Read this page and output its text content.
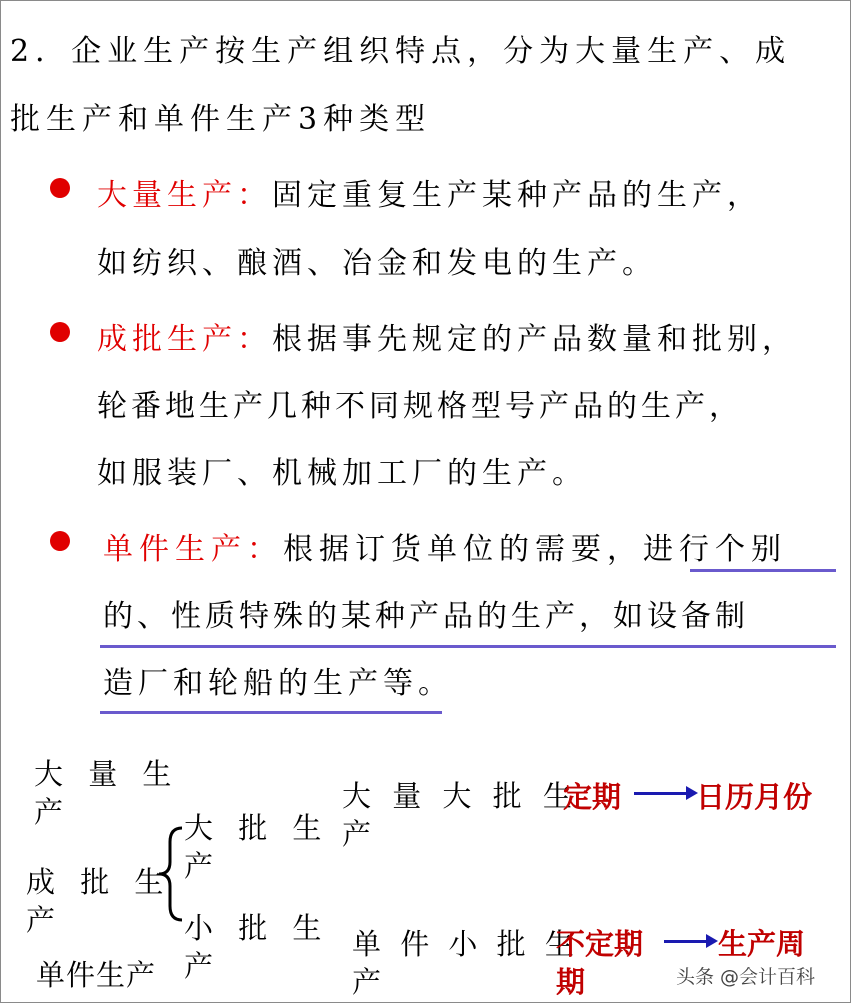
2．企业生产按生产组织特点，分为大量生产、成
批生产和单件生产3种类型
大量生产：固定重复生产某种产品的生产，
如纺织、酿酒、冶金和发电的生产。
成批生产：根据事先规定的产品数量和批别，
轮番地生产几种不同规格型号产品的生产，
如服装厂、机械加工厂的生产。
单件生产：根据订货单位的需要，进行个别
的、性质特殊的某种产品的生产，如设备制
造厂和轮船的生产等。
大 量 生
产
成 批 生
产
单件生产
大 批 生
产
小 批 生
产
大 量 大 批 生
产
单 件 小 批 生
产
定期	日历月份
不定期	生产周
期	头条 @会计百科
